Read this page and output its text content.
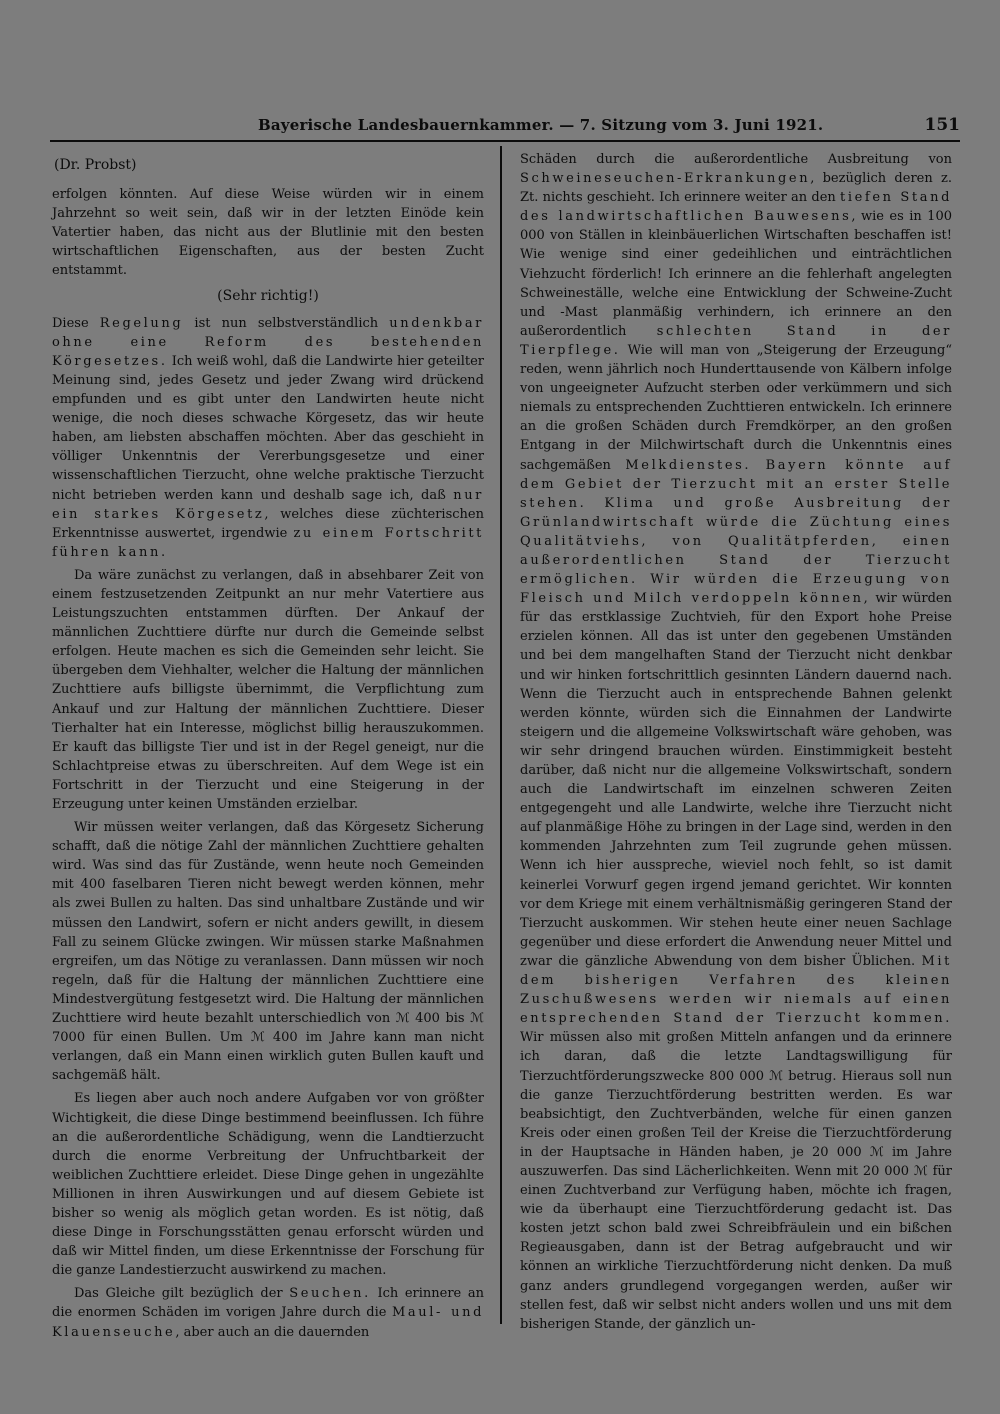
Bayerische Landesbauernkammer. — 7. Sitzung vom 3. Juni 1921.	151
(Dr. Probst)

erfolgen könnten. Auf diese Weise würden wir in einem Jahrzehnt so weit sein, daß wir in der letzten Einöde kein Vatertier haben, das nicht aus der Blutlinie mit den besten wirtschaftlichen Eigenschaften, aus der besten Zucht entstammt.

(Sehr richtig!)

Diese Regelung ist nun selbstverständlich undenkbar ohne eine Reform des bestehenden Körgesetzes. Ich weiß wohl, daß die Landwirte hier geteilter Meinung sind, jedes Gesetz und jeder Zwang wird drückend empfunden und es gibt unter den Landwirten heute nicht wenige, die noch dieses schwache Körgesetz, das wir heute haben, am liebsten abschaffen möchten. Aber das geschieht in völliger Unkenntnis der Vererbungsgesetze und einer wissenschaftlichen Tierzucht, ohne welche praktische Tierzucht nicht betrieben werden kann und deshalb sage ich, daß nur ein starkes Körgesetz, welches diese züchterischen Erkenntnisse auswertet, irgendwie zu einem Fortschritt führen kann.

Da wäre zunächst zu verlangen, daß in absehbarer Zeit von einem festzusetzenden Zeitpunkt an nur mehr Vatertiere aus Leistungszuchten entstammen dürften. Der Ankauf der männlichen Zuchttiere dürfte nur durch die Gemeinde selbst erfolgen. Heute machen es sich die Gemeinden sehr leicht. Sie übergeben dem Viehhalter, welcher die Haltung der männlichen Zuchttiere aufs billigste übernimmt, die Verpflichtung zum Ankauf und zur Haltung der männlichen Zuchttiere. Dieser Tierhalter hat ein Interesse, möglichst billig herauszukommen. Er kauft das billigste Tier und ist in der Regel geneigt, nur die Schlachtpreise etwas zu überschreiten. Auf dem Wege ist ein Fortschritt in der Tierzucht und eine Steigerung in der Erzeugung unter keinen Umständen erzielbar.

Wir müssen weiter verlangen, daß das Körgesetz Sicherung schafft, daß die nötige Zahl der männlichen Zuchttiere gehalten wird. Was sind das für Zustände, wenn heute noch Gemeinden mit 400 faselbaren Tieren nicht bewegt werden können, mehr als zwei Bullen zu halten. Das sind unhaltbare Zustände und wir müssen den Landwirt, sofern er nicht anders gewillt, in diesem Fall zu seinem Glücke zwingen. Wir müssen starke Maßnahmen ergreifen, um das Nötige zu veranlassen. Dann müssen wir noch regeln, daß für die Haltung der männlichen Zuchttiere eine Mindestvergütung festgesetzt wird. Die Haltung der männlichen Zuchttiere wird heute bezahlt unterschiedlich von ℳ 400 bis ℳ 7000 für einen Bullen. Um ℳ 400 im Jahre kann man nicht verlangen, daß ein Mann einen wirklich guten Bullen kauft und sachgemäß hält.

Es liegen aber auch noch andere Aufgaben vor von größter Wichtigkeit, die diese Dinge bestimmend beeinflussen. Ich führe an die außerordentliche Schädigung, wenn die Landtierzucht durch die enorme Verbreitung der Unfruchtbarkeit der weiblichen Zuchttiere erleidet. Diese Dinge gehen in ungezählte Millionen in ihren Auswirkungen und auf diesem Gebiete ist bisher so wenig als möglich getan worden. Es ist nötig, daß diese Dinge in Forschungsstätten genau erforscht würden und daß wir Mittel finden, um diese Erkenntnisse der Forschung für die ganze Landestierzucht auswirkend zu machen.

Das Gleiche gilt bezüglich der Seuchen. Ich erinnere an die enormen Schäden im vorigen Jahre durch die Maul- und Klauenseuche, aber auch an die dauernden

Schäden durch die außerordentliche Ausbreitung von Schweineseuchen-Erkrankungen, bezüglich deren z. Zt. nichts geschieht. Ich erinnere weiter an den tiefen Stand des landwirtschaftlichen Bauwesens, wie es in 100 000 von Ställen in kleinbäuerlichen Wirtschaften beschaffen ist! Wie wenige sind einer gedeihlichen und einträchtlichen Viehzucht förderlich! Ich erinnere an die fehlerhaft angelegten Schweineställe, welche eine Entwicklung der Schweine-Zucht und -Mast planmäßig verhindern, ich erinnere an den außerordentlich schlechten Stand in der Tierpflege. Wie will man von „Steigerung der Erzeugung“ reden, wenn jährlich noch Hunderttausende von Kälbern infolge von ungeeigneter Aufzucht sterben oder verkümmern und sich niemals zu entsprechenden Zuchttieren entwickeln. Ich erinnere an die großen Schäden durch Fremdkörper, an den großen Entgang in der Milchwirtschaft durch die Unkenntnis eines sachgemäßen Melkdienstes. Bayern könnte auf dem Gebiet der Tierzucht mit an erster Stelle stehen. Klima und große Ausbreitung der Grünlandwirtschaft würde die Züchtung eines Qualitätviehs, von Qualitätpferden, einen außerordentlichen Stand der Tierzucht ermöglichen. Wir würden die Erzeugung von Fleisch und Milch verdoppeln können, wir würden für das erstklassige Zuchtvieh, für den Export hohe Preise erzielen können. All das ist unter den gegebenen Umständen und bei dem mangelhaften Stand der Tierzucht nicht denkbar und wir hinken fortschrittlich gesinnten Ländern dauernd nach. Wenn die Tierzucht auch in entsprechende Bahnen gelenkt werden könnte, würden sich die Einnahmen der Landwirte steigern und die allgemeine Volkswirtschaft wäre gehoben, was wir sehr dringend brauchen würden. Einstimmigkeit besteht darüber, daß nicht nur die allgemeine Volkswirtschaft, sondern auch die Landwirtschaft im einzelnen schweren Zeiten entgegengeht und alle Landwirte, welche ihre Tierzucht nicht auf planmäßige Höhe zu bringen in der Lage sind, werden in den kommenden Jahrzehnten zum Teil zugrunde gehen müssen. Wenn ich hier ausspreche, wieviel noch fehlt, so ist damit keinerlei Vorwurf gegen irgend jemand gerichtet. Wir konnten vor dem Kriege mit einem verhältnismäßig geringeren Stand der Tierzucht auskommen. Wir stehen heute einer neuen Sachlage gegenüber und diese erfordert die Anwendung neuer Mittel und zwar die gänzliche Abwendung von dem bisher Üblichen. Mit dem bisherigen Verfahren des kleinen Zuschußwesens werden wir niemals auf einen entsprechenden Stand der Tierzucht kommen. Wir müssen also mit großen Mitteln anfangen und da erinnere ich daran, daß die letzte Landtagswilligung für Tierzuchtförderungszwecke 800 000 ℳ betrug. Hieraus soll nun die ganze Tierzuchtförderung bestritten werden. Es war beabsichtigt, den Zuchtverbänden, welche für einen ganzen Kreis oder einen großen Teil der Kreise die Tierzuchtförderung in der Hauptsache in Händen haben, je 20 000 ℳ im Jahre auszuwerfen. Das sind Lächerlichkeiten. Wenn mit 20 000 ℳ für einen Zuchtverband zur Verfügung haben, möchte ich fragen, wie da überhaupt eine Tierzuchtförderung gedacht ist. Das kosten jetzt schon bald zwei Schreibfräulein und ein bißchen Regieausgaben, dann ist der Betrag aufgebraucht und wir können an wirkliche Tierzuchtförderung nicht denken. Da muß ganz anders grundlegend vorgegangen werden, außer wir stellen fest, daß wir selbst nicht anders wollen und uns mit dem bisherigen Stande, der gänzlich un-
